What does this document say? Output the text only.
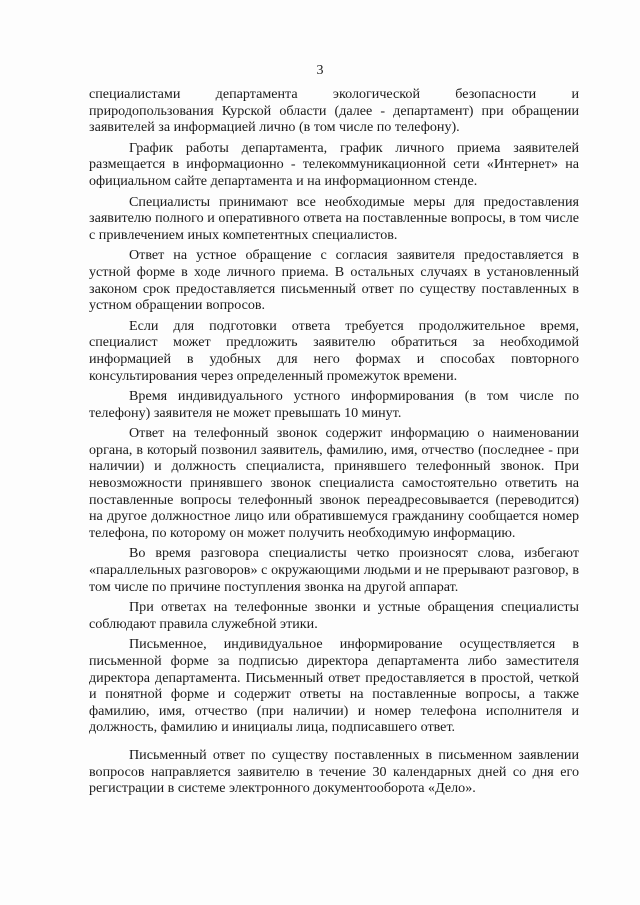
3

специалистами департамента экологической безопасности и природопользования Курской области (далее - департамент) при обращении заявителей за информацией лично (в том числе по телефону).

График работы департамента, график личного приема заявителей размещается в информационно - телекоммуникационной сети «Интернет» на официальном сайте департамента и на информационном стенде.

Специалисты принимают все необходимые меры для предоставления заявителю полного и оперативного ответа на поставленные вопросы, в том числе с привлечением иных компетентных специалистов.

Ответ на устное обращение с согласия заявителя предоставляется в устной форме в ходе личного приема. В остальных случаях в установленный законом срок предоставляется письменный ответ по существу поставленных в устном обращении вопросов.

Если для подготовки ответа требуется продолжительное время, специалист может предложить заявителю обратиться за необходимой информацией в удобных для него формах и способах повторного консультирования через определенный промежуток времени.

Время индивидуального устного информирования (в том числе по телефону) заявителя не может превышать 10 минут.

Ответ на телефонный звонок содержит информацию о наименовании органа, в который позвонил заявитель, фамилию, имя, отчество (последнее - при наличии) и должность специалиста, принявшего телефонный звонок. При невозможности принявшего звонок специалиста самостоятельно ответить на поставленные вопросы телефонный звонок переадресовывается (переводится) на другое должностное лицо или обратившемуся гражданину сообщается номер телефона, по которому он может получить необходимую информацию.

Во время разговора специалисты четко произносят слова, избегают «параллельных разговоров» с окружающими людьми и не прерывают разговор, в том числе по причине поступления звонка на другой аппарат.

При ответах на телефонные звонки и устные обращения специалисты соблюдают правила служебной этики.

Письменное, индивидуальное информирование осуществляется в письменной форме за подписью директора департамента либо заместителя директора департамента. Письменный ответ предоставляется в простой, четкой и понятной форме и содержит ответы на поставленные вопросы, а также фамилию, имя, отчество (при наличии) и номер телефона исполнителя и должность, фамилию и инициалы лица, подписавшего ответ.

Письменный ответ по существу поставленных в письменном заявлении вопросов направляется заявителю в течение 30 календарных дней со дня его регистрации в системе электронного документооборота «Дело».
